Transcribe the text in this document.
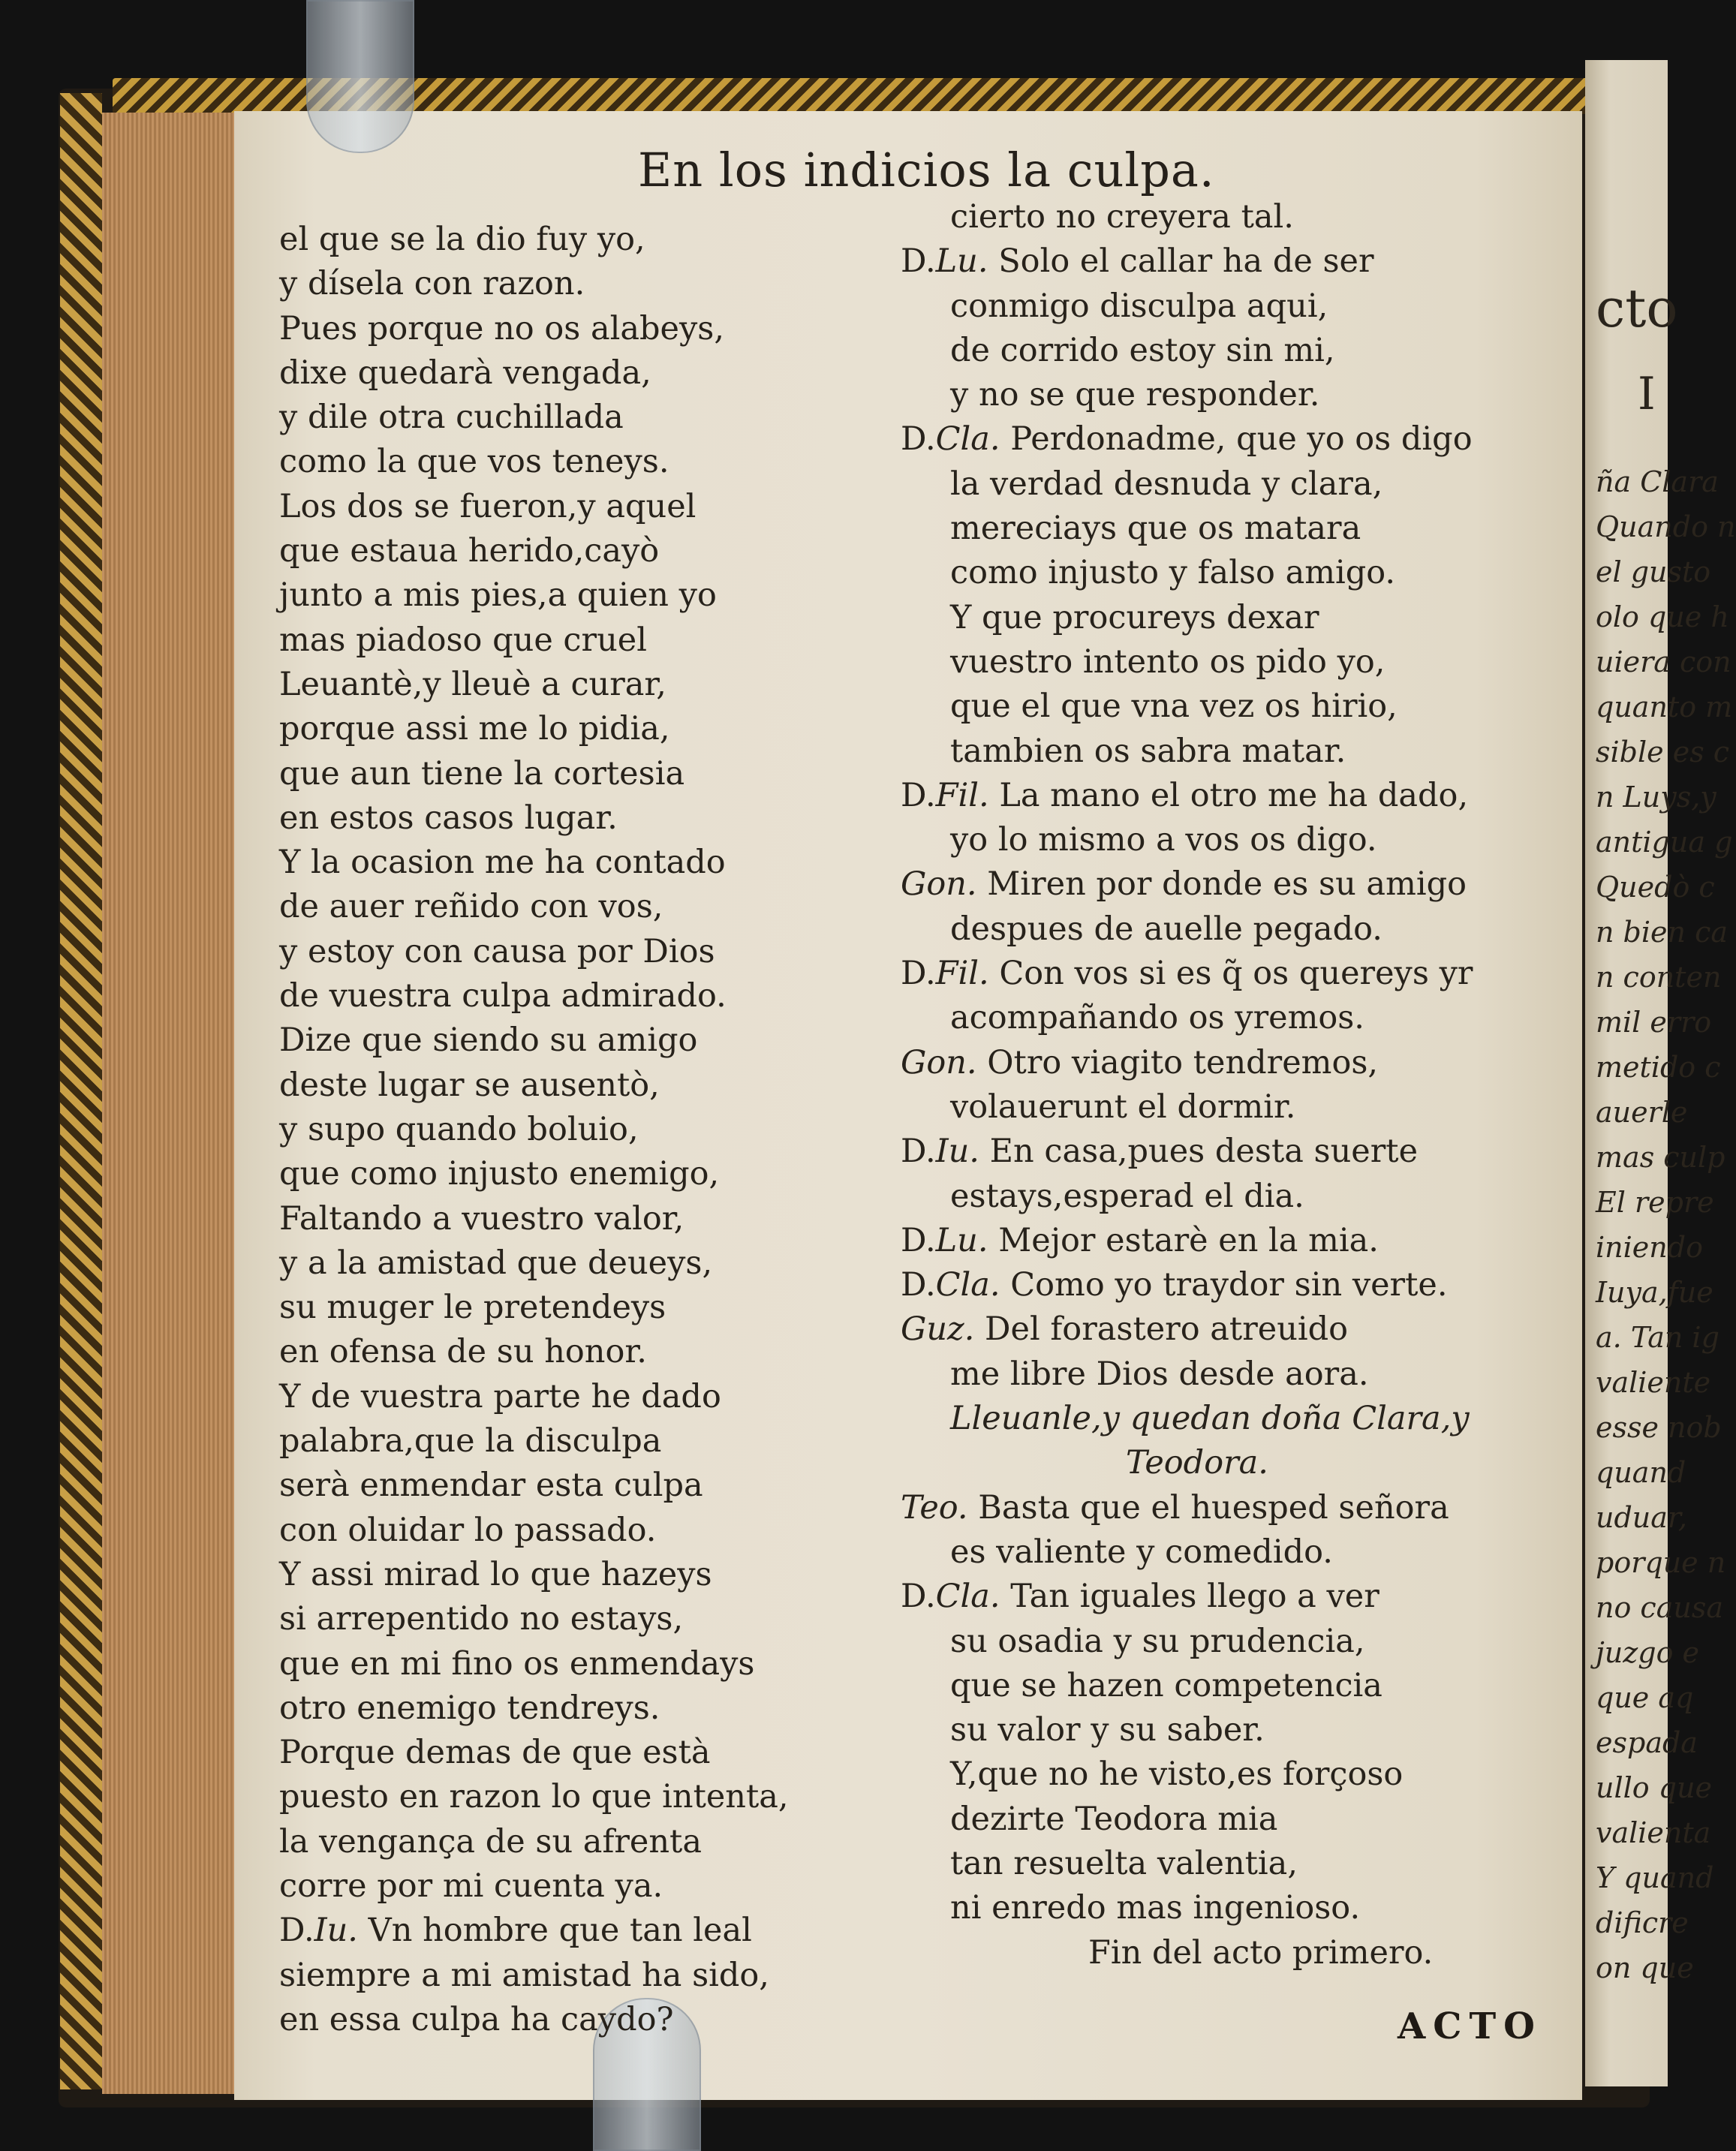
cto
I
ña Clara
Quando n
el gusto
olo que h
uiera con
quanto m
sible es c
n Luys,y
antigua g
Quedò c
n bien ca
n conten
mil erro
metido c
auerle
mas culp
El repre
iniendo
Iuya,fue
a. Tan ig
valiente
esse nob
quand
uduar,
porque n
no causa
juzgo e
que aq
espada
ullo que
valienta
Y quand
dificre
on que
En los indicios la culpa.
el que se la dio fuy yo,
y dísela con razon.
Pues porque no os alabeys,
dixe quedarà vengada,
y dile otra cuchillada
como la que vos teneys.
Los dos se fueron,y aquel
que estaua herido,cayò
junto a mis pies,a quien yo
mas piadoso que cruel
Leuantè,y lleuè a curar,
porque assi me lo pidia,
que aun tiene la cortesia
en estos casos lugar.
Y la ocasion me ha contado
de auer reñido con vos,
y estoy con causa por Dios
de vuestra culpa admirado.
Dize que siendo su amigo
deste lugar se ausentò,
y supo quando boluio,
que como injusto enemigo,
Faltando a vuestro valor,
y a la amistad que deueys,
su muger le pretendeys
en ofensa de su honor.
Y de vuestra parte he dado
palabra,que la disculpa
serà enmendar esta culpa
con oluidar lo passado.
Y assi mirad lo que hazeys
si arrepentido no estays,
que en mi fino os enmendays
otro enemigo tendreys.
Porque demas de que està
puesto en razon lo que intenta,
la vengança de su afrenta
corre por mi cuenta ya.
D.Iu. Vn hombre que tan leal
siempre a mi amistad ha sido,
en essa culpa ha caydo?
cierto no creyera tal.
D.Lu. Solo el callar ha de ser
conmigo disculpa aqui,
de corrido estoy sin mi,
y no se que responder.
D.Cla. Perdonadme, que yo os digo
la verdad desnuda y clara,
mereciays que os matara
como injusto y falso amigo.
Y que procureys dexar
vuestro intento os pido yo,
que el que vna vez os hirio,
tambien os sabra matar.
D.Fil. La mano el otro me ha dado,
yo lo mismo a vos os digo.
Gon. Miren por donde es su amigo
despues de auelle pegado.
D.Fil. Con vos si es q̃ os quereys yr
acompañando os yremos.
Gon. Otro viagito tendremos,
volauerunt el dormir.
D.Iu. En casa,pues desta suerte
estays,esperad el dia.
D.Lu. Mejor estarè en la mia.
D.Cla. Como yo traydor sin verte.
Guz. Del forastero atreuido
me libre Dios desde aora.
Lleuanle,y quedan doña Clara,y
Teodora.
Teo. Basta que el huesped señora
es valiente y comedido.
D.Cla. Tan iguales llego a ver
su osadia y su prudencia,
que se hazen competencia
su valor y su saber.
Y,que no he visto,es forçoso
dezirte Teodora mia
tan resuelta valentia,
ni enredo mas ingenioso.
Fin del acto primero.
ACTO
